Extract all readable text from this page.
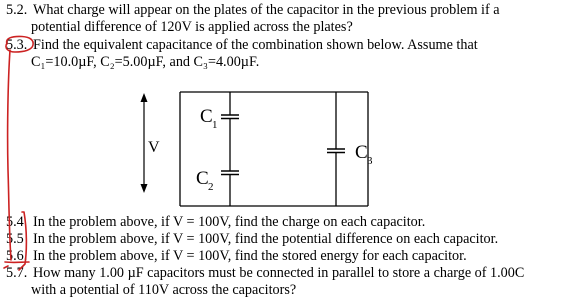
5.2. What charge will appear on the plates of the capacitor in the previous problem if a
potential difference of 120V is applied across the plates?
5.3. Find the equivalent capacitance of the combination shown below. Assume that
C₁=10.0µF, C₂=5.00µF, and C₃=4.00µF.
5.4 In the problem above, if V = 100V, find the charge on each capacitor.
5.5 In the problem above, if V = 100V, find the potential difference on each capacitor.
5.6. In the problem above, if V = 100V, find the stored energy for each capacitor.
5.7. How many 1.00 µF capacitors must be connected in parallel to store a charge of 1.00C
with a potential of 110V across the capacitors?
V
C 1
C 2
C 3
